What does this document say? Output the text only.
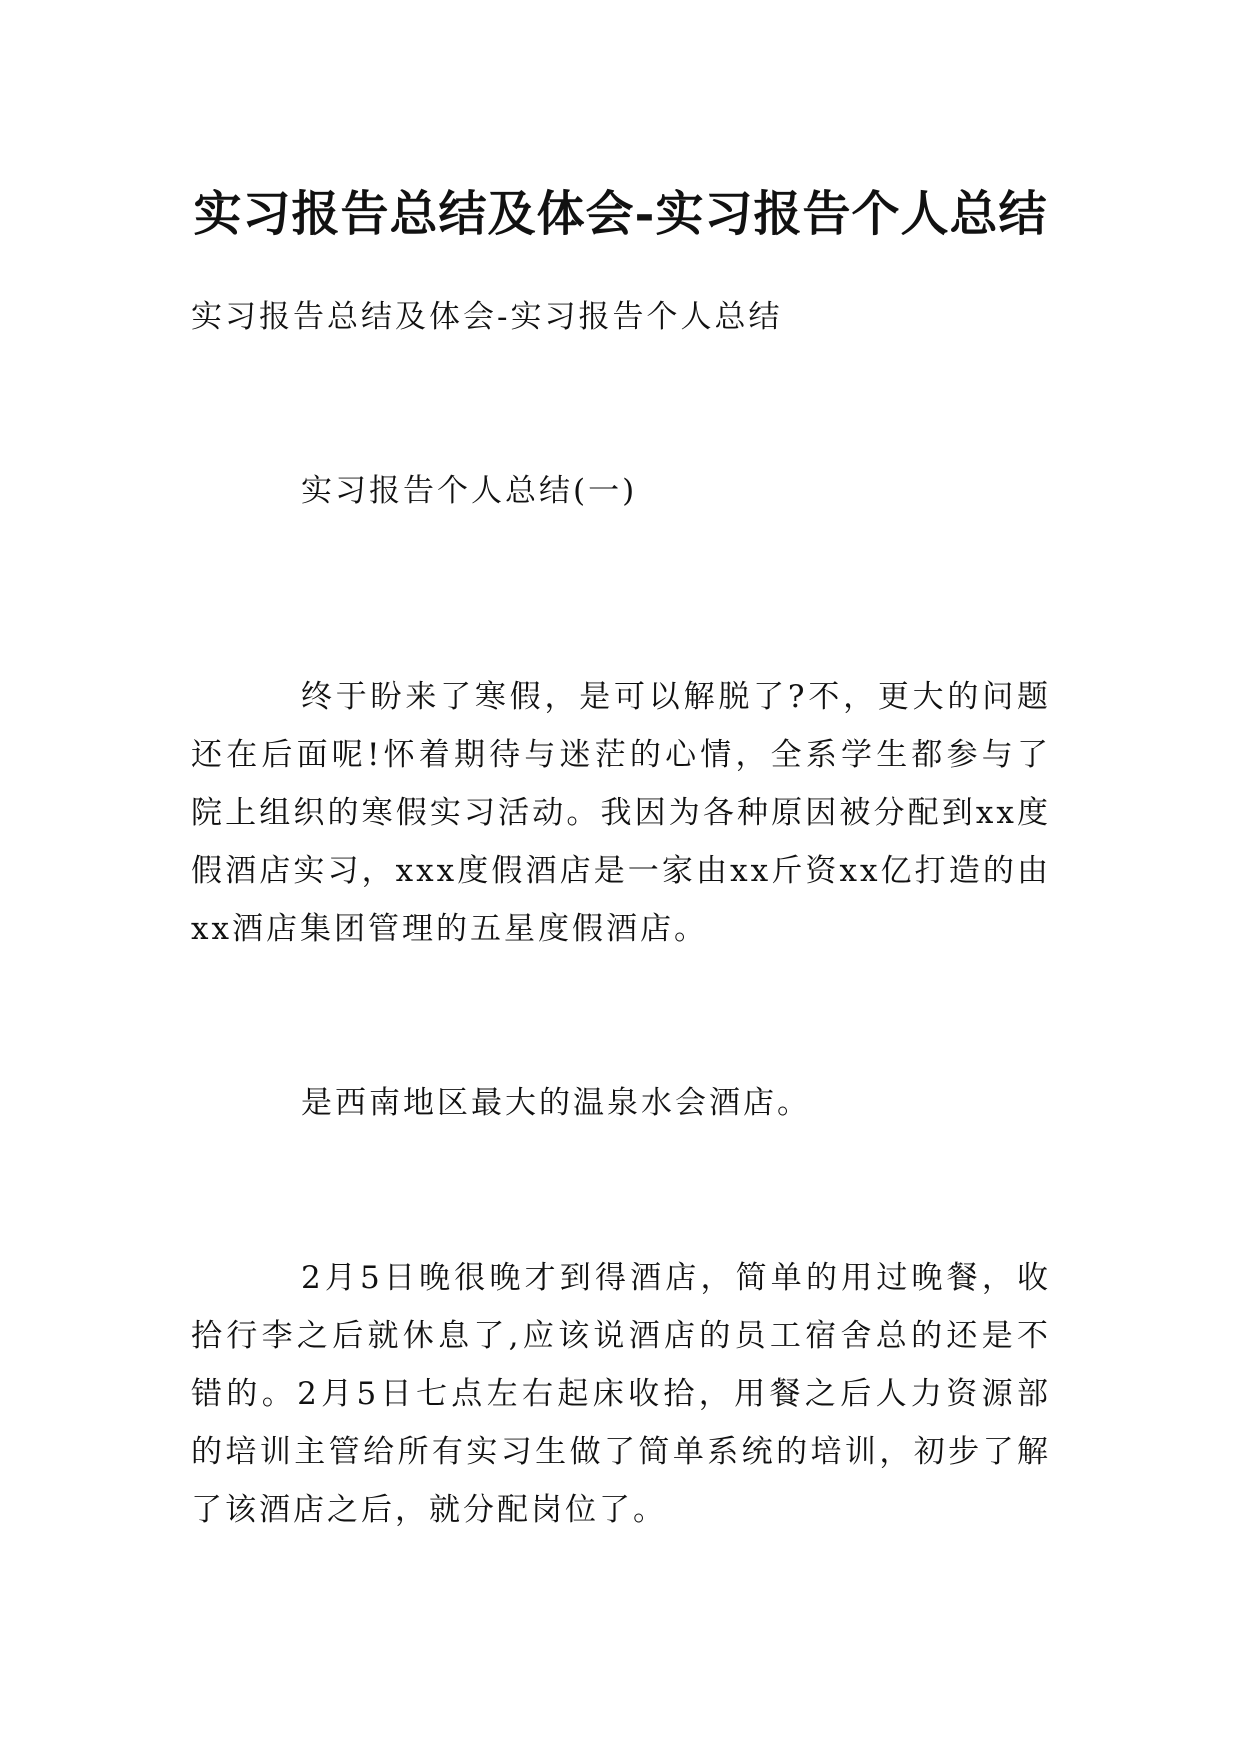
实习报告总结及体会-实习报告个人总结
实习报告总结及体会-实习报告个人总结
实习报告个人总结(一)

终于盼来了寒假，是可以解脱了?不，更大的问题还在后面呢!怀着期待与迷茫的心情，全系学生都参与了院上组织的寒假实习活动。我因为各种原因被分配到xx度假酒店实习，xxx度假酒店是一家由xx斤资xx亿打造的由xx酒店集团管理的五星度假酒店。

是西南地区最大的温泉水会酒店。

2月5日晚很晚才到得酒店，简单的用过晚餐，收拾行李之后就休息了,应该说酒店的员工宿舍总的还是不错的。2月5日七点左右起床收拾，用餐之后人力资源部的培训主管给所有实习生做了简单系统的培训，初步了解了该酒店之后，就分配岗位了。
